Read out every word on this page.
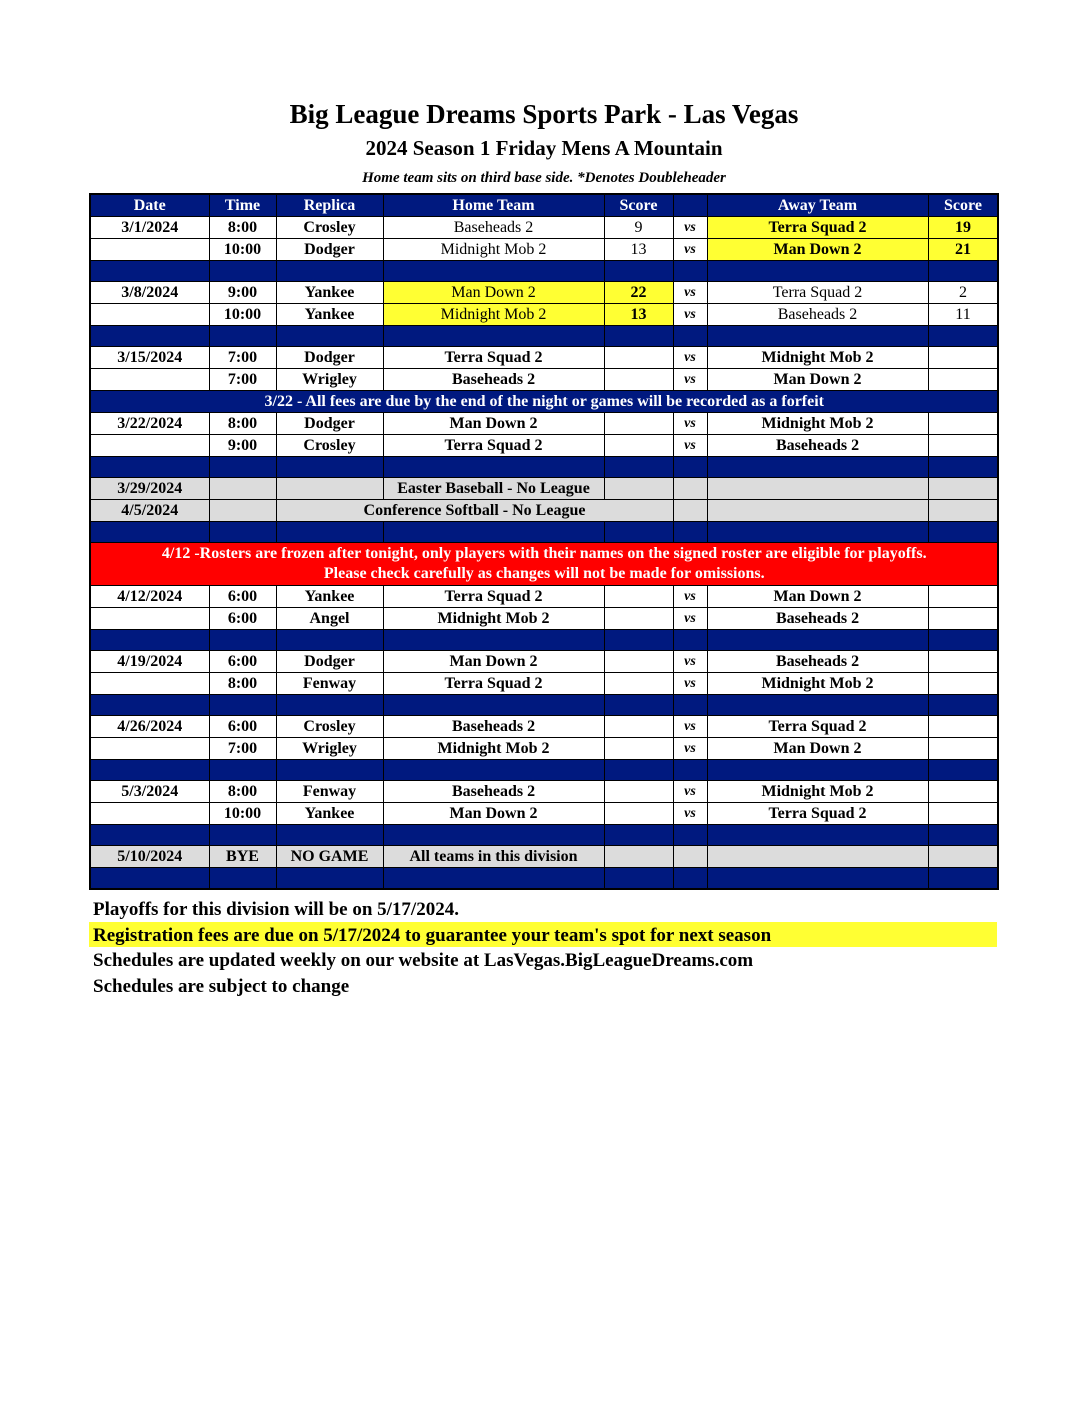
Big League Dreams Sports Park - Las Vegas
2024 Season 1 Friday Mens A Mountain
Home team sits on third base side. *Denotes Doubleheader
Date	Time	Replica	Home Team	Score		Away Team	Score	
3/1/2024	8:00	Crosley	Baseheads 2	9	vs	Terra Squad 2	19	
	10:00	Dodger	Midnight Mob 2	13	vs	Man Down 2	21	

3/8/2024	9:00	Yankee	Man Down 2	22	vs	Terra Squad 2	2	
	10:00	Yankee	Midnight Mob 2	13	vs	Baseheads 2	11	

3/15/2024	7:00	Dodger	Terra Squad 2		vs	Midnight Mob 2		
	7:00	Wrigley	Baseheads 2		vs	Man Down 2		
3/22 - All fees are due by the end of the night or games will be recorded as a forfeit								
3/22/2024	8:00	Dodger	Man Down 2		vs	Midnight Mob 2		
	9:00	Crosley	Terra Squad 2		vs	Baseheads 2		

3/29/2024			Easter Baseball - No League					
4/5/2024		Conference Softball - No League						

4/12 -Rosters are frozen after tonight, only players with their names on the signed roster are eligible for playoffs.
Please check carefully as changes will not be made for omissions.								

4/12/2024	6:00	Yankee	Terra Squad 2		vs	Man Down 2		
	6:00	Angel	Midnight Mob 2		vs	Baseheads 2		

4/19/2024	6:00	Dodger	Man Down 2		vs	Baseheads 2		
	8:00	Fenway	Terra Squad 2		vs	Midnight Mob 2		

4/26/2024	6:00	Crosley	Baseheads 2		vs	Terra Squad 2		
	7:00	Wrigley	Midnight Mob 2		vs	Man Down 2		

5/3/2024	8:00	Fenway	Baseheads 2		vs	Midnight Mob 2		
	10:00	Yankee	Man Down 2		vs	Terra Squad 2		

5/10/2024	BYE	NO GAME	All teams in this division					

Playoffs for this division will be on 5/17/2024.
Registration fees are due on 5/17/2024 to guarantee your team's spot for next season
Schedules are updated weekly on our website at LasVegas.BigLeagueDreams.com
Schedules are subject to change
